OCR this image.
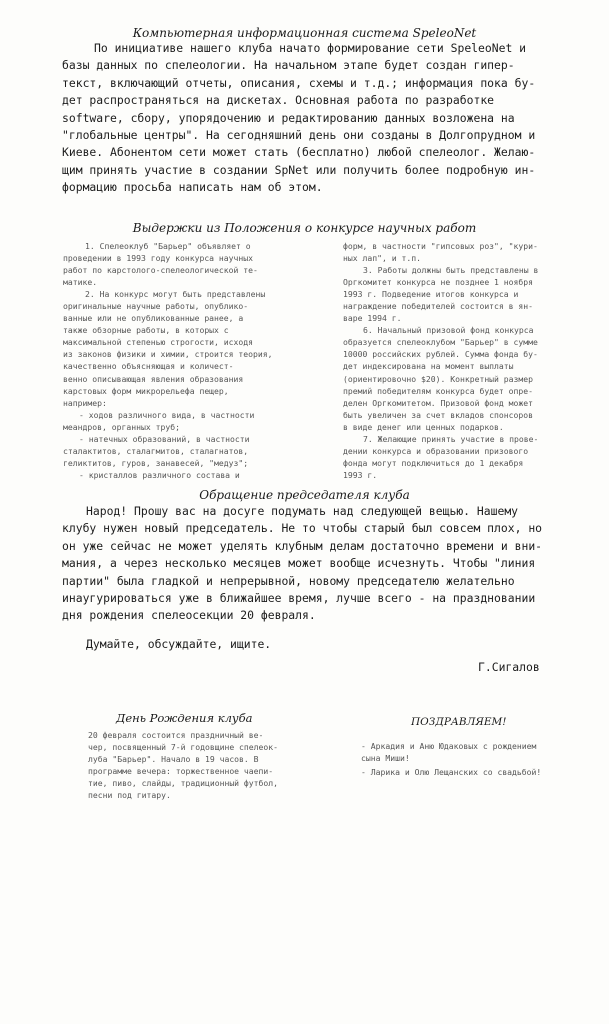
Компьютерная информационная система SpeleoNet
По инициативе нашего клуба начато формирование сети SpeleoNet и
базы данных по спелеологии. На начальном этапе будет создан гипер-
текст, включающий отчеты, описания, схемы и т.д.; информация пока бу-
дет распространяться на дискетах. Основная работа по разработке
software, сбору, упорядочению и редактированию данных возложена на
"глобальные центры". На сегодняшний день они созданы в Долгопрудном и
Киеве. Абонентом сети может стать (бесплатно) любой спелеолог. Желаю-
щим принять участие в создании SpNet или получить более подробную ин-
формацию просьба написать нам об этом.
Выдержки из Положения о конкурсе научных работ
1. Спелеоклуб "Барьер" объявляет о
проведении в 1993 году конкурса научных
работ по карстолого-спелеологической те-
матике.
2. На конкурс могут быть представлены
оригинальные научные работы, опублико-
ванные или не опубликованные ранее, а
также обзорные работы, в которых с
максимальной степенью строгости, исходя
из законов физики и химии, строится теория,
качественно объясняющая и количест-
венно описывающая явления образования
карстовых форм микрорельефа пещер,
например:
- ходов различного вида, в частности
меандров, органных труб;
- натечных образований, в частности
сталактитов, сталагмитов, сталагнатов,
геликтитов, гуров, занавесей, "медуз";
- кристаллов различного состава и
форм, в частности "гипсовых роз", "кури-
ных лап", и т.п.
3. Работы должны быть представлены в
Оргкомитет конкурса не позднее 1 ноября
1993 г. Подведение итогов конкурса и
награждение победителей состоится в ян-
варе 1994 г.
6. Начальный призовой фонд конкурса
образуется спелеоклубом "Барьер" в сумме
10000 российских рублей. Сумма фонда бу-
дет индексирована на момент выплаты
(ориентировочно $20). Конкретный размер
премий победителям конкурса будет опре-
делен Оргкомитетом. Призовой фонд может
быть увеличен за счет вкладов спонсоров
в виде денег или ценных подарков.
7. Желающие принять участие в прове-
дении конкурса и образовании призового
фонда могут подключиться до 1 декабря
1993 г.
Обращение председателя клуба
Народ! Прошу вас на досуге подумать над следующей вещью. Нашему
клубу нужен новый председатель. Не то чтобы старый был совсем плох, но
он уже сейчас не может уделять клубным делам достаточно времени и вни-
мания, а через несколько месяцев может вообще исчезнуть. Чтобы "линия
партии" была гладкой и непрерывной, новому председателю желательно
инаугурироваться уже в ближайшее время, лучше всего - на праздновании
дня рождения спелеосекции 20 февраля.
Думайте, обсуждайте, ищите.
Г.Сигалов
День Рождения клуба
20 февраля состоится праздничный ве-
чер, посвященный 7-й годовщине спелеок-
луба "Барьер". Начало в 19 часов. В
программе вечера: торжественное чаепи-
тие, пиво, слайды, традиционный футбол,
песни под гитару.
ПОЗДРАВЛЯЕМ!
- Аркадия и Аню Юдаковых с рождением
сына Миши!
- Ларика и Олю Лещанских со свадьбой!
